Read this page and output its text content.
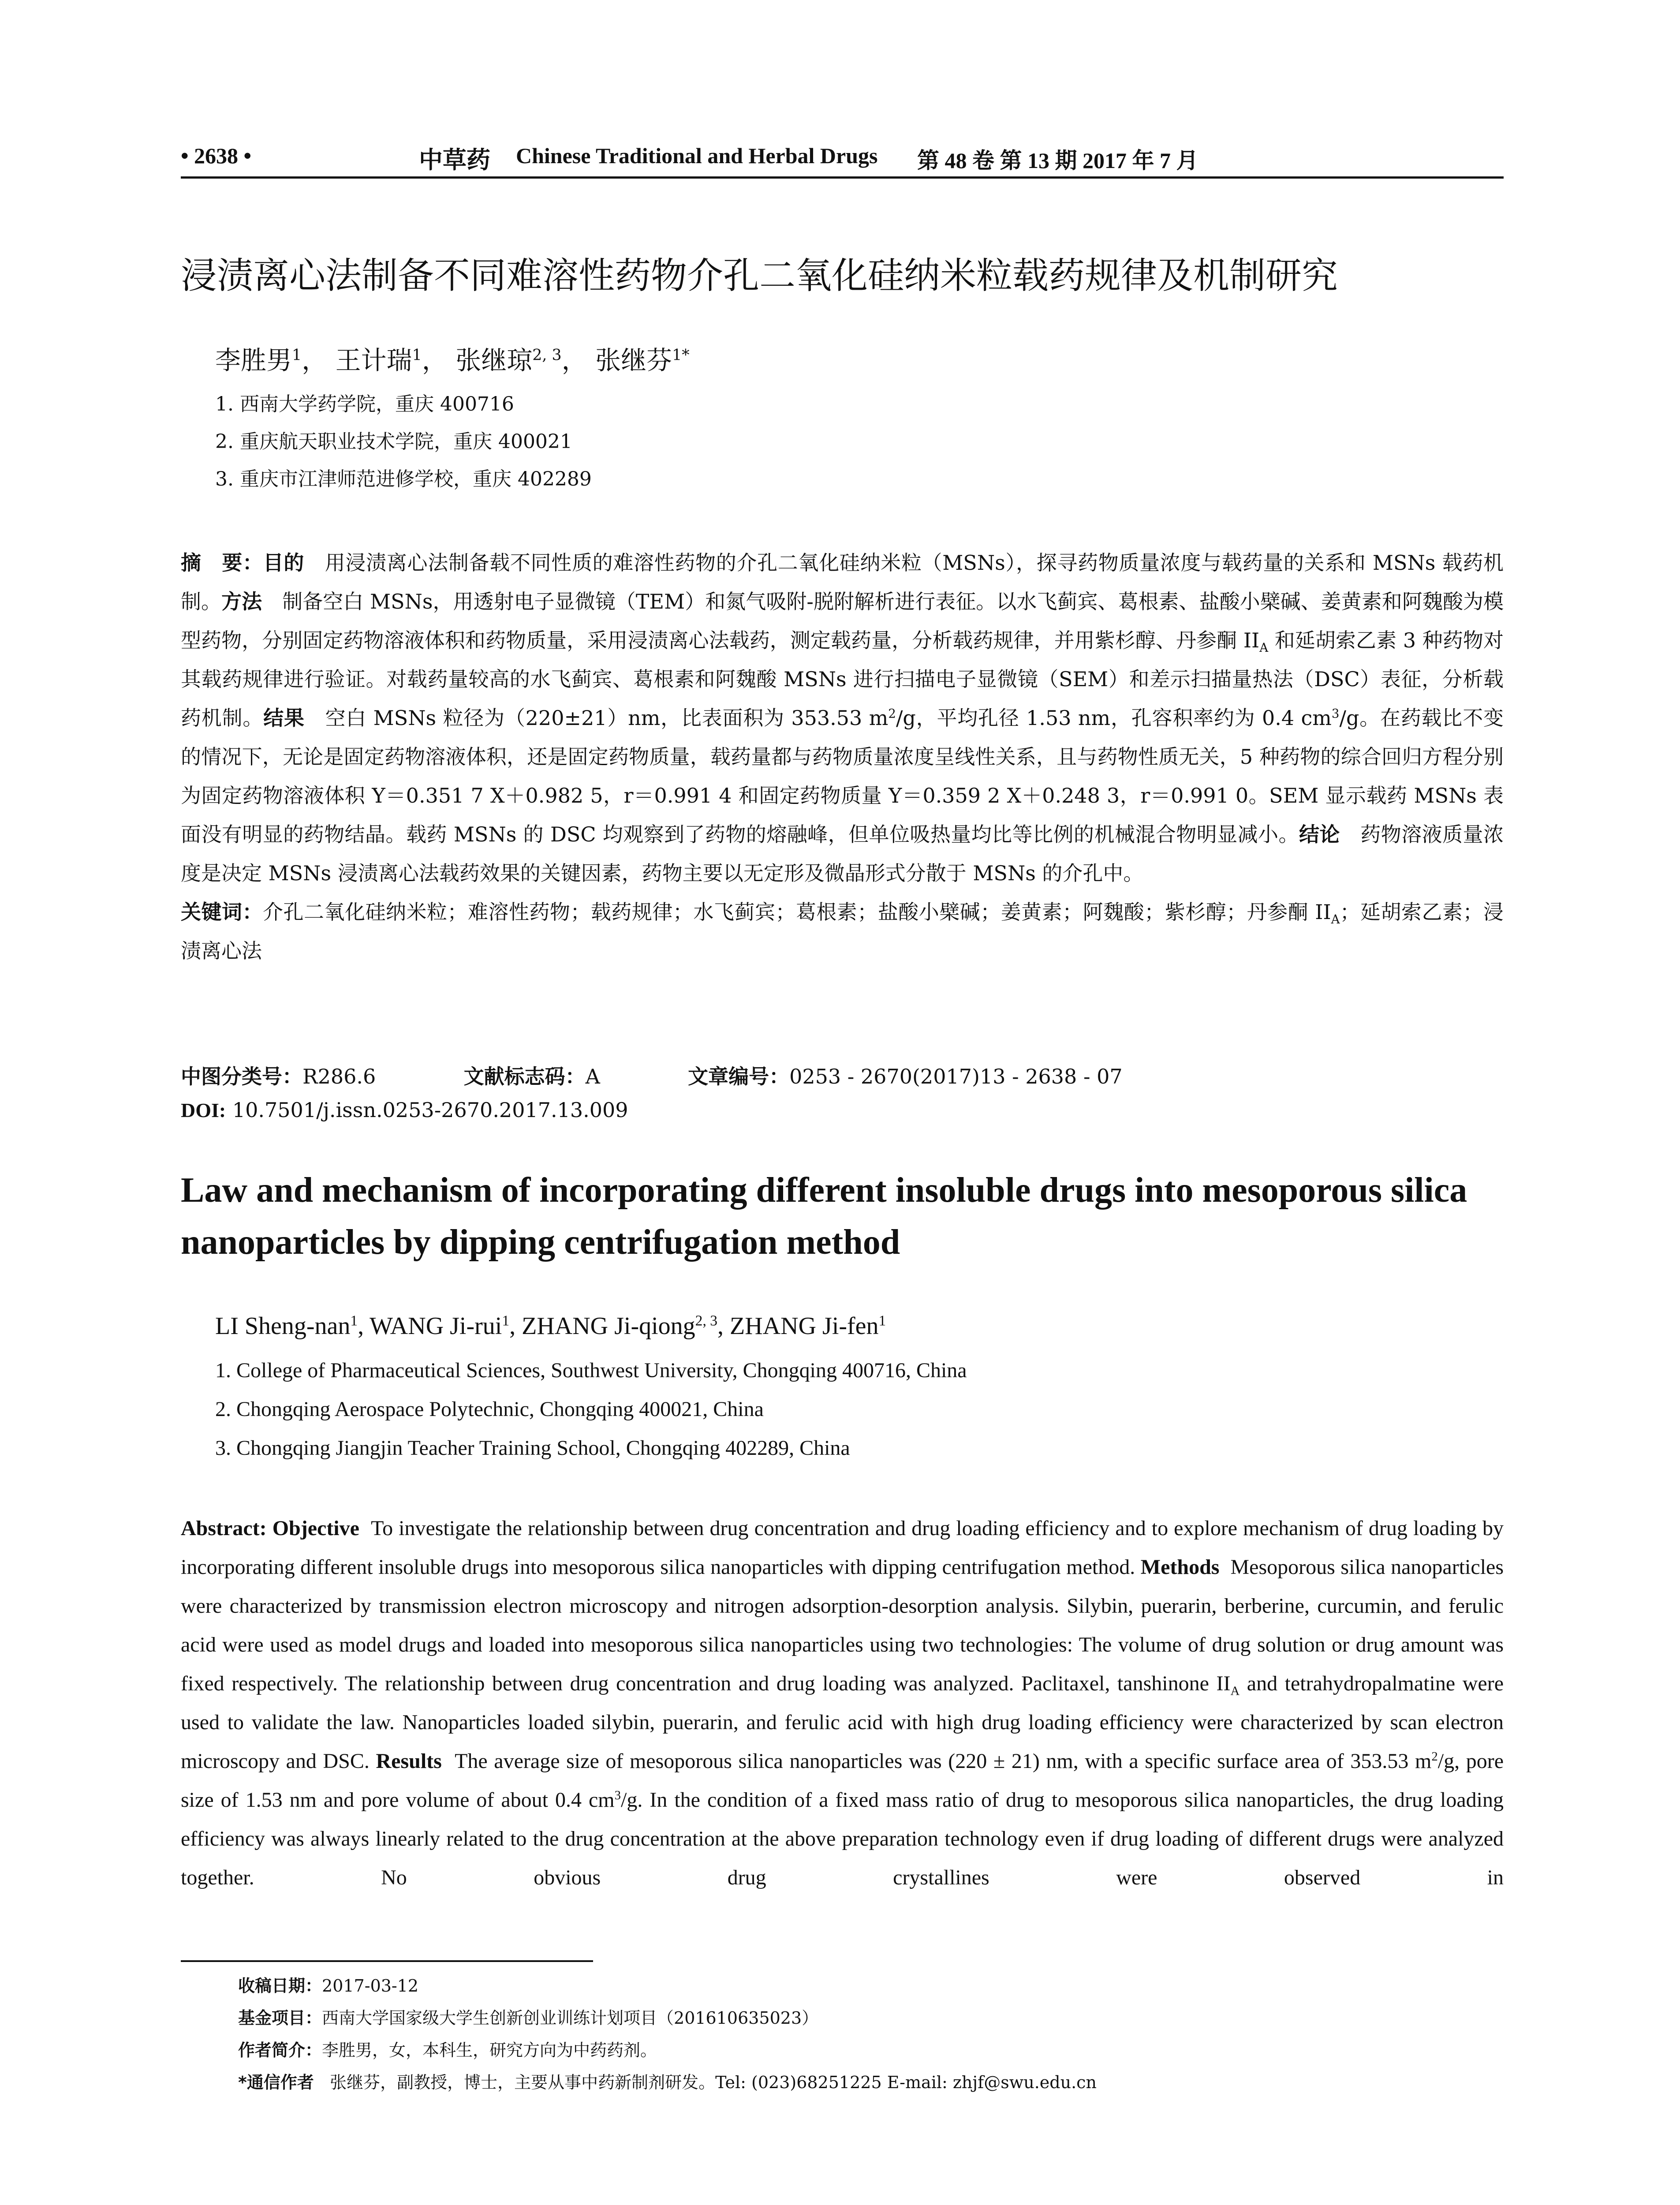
• 2638 •	中草药 Chinese Traditional and Herbal Drugs 第 48 卷 第 13 期 2017 年 7 月
浸渍离心法制备不同难溶性药物介孔二氧化硅纳米粒载药规律及机制研究
李胜男$^1$， 王计瑞$^1$， 张继琼$^{2, 3}$， 张继芬$^{1*}$
1. 西南大学药学院，重庆 400716
2. 重庆航天职业技术学院，重庆 400021
3. 重庆市江津师范进修学校，重庆 402289
摘　要：目的　 用浸渍离心法制备载不同性质的难溶性药物的介孔二氧化硅纳米粒（MSNs），探寻药物质量浓度与载药量的关系和 MSNs 载药机制。方法　 制备空白 MSNs，用透射电子显微镜（TEM）和氮气吸附-脱附解析进行表征。以水飞蓟宾、葛根素、盐酸小檗碱、姜黄素和阿魏酸为模型药物，分别固定药物溶液体积和药物质量，采用浸渍离心法载药，测定载药量，分析载药规律，并用紫杉醇、丹参酮 $II_A$ 和延胡索乙素 3 种药物对其载药规律进行验证。对载药量较高的水飞蓟宾、葛根素和阿魏酸 MSNs 进行扫描电子显微镜（SEM）和差示扫描量热法（DSC）表征，分析载药机制。结果　 空白 MSNs 粒径为（220±21）nm，比表面积为 353.53 $m^2/g$，平均孔径 1.53 nm，孔容积率约为 0.4 $cm^3/g$。在药载比不变的情况下，无论是固定药物溶液体积，还是固定药物质量，载药量都与药物质量浓度呈线性关系，且与药物性质无关，5 种药物的综合回归方程分别为固定药物溶液体积 Y＝0.351 7 X＋0.982 5，r＝0.991 4 和固定药物质量 Y＝0.359 2 X＋0.248 3，r＝0.991 0。SEM 显示载药 MSNs 表面没有明显的药物结晶。载药 MSNs 的 DSC 均观察到了药物的熔融峰，但单位吸热量均比等比例的机械混合物明显减小。结论　 药物溶液质量浓度是决定 MSNs 浸渍离心法载药效果的关键因素，药物主要以无定形及微晶形式分散于 MSNs 的介孔中。
关键词：介孔二氧化硅纳米粒；难溶性药物；载药规律；水飞蓟宾；葛根素；盐酸小檗碱；姜黄素；阿魏酸；紫杉醇；丹参酮 $II_A$；延胡索乙素；浸渍离心法
中图分类号：R286.6	文献标志码：A	文章编号：0253 - 2670(2017)13 - 2638 - 07
DOI: 10.7501/j.issn.0253-2670.2017.13.009
Law and mechanism of incorporating different insoluble drugs into mesoporous silica nanoparticles by dipping centrifugation method
LI Sheng-nan$^1$, WANG Ji-rui$^1$, ZHANG Ji-qiong$^{2, 3}$, ZHANG Ji-fen$^1$
1. College of Pharmaceutical Sciences, Southwest University, Chongqing 400716, China
2. Chongqing Aerospace Polytechnic, Chongqing 400021, China
3. Chongqing Jiangjin Teacher Training School, Chongqing 402289, China
Abstract: Objective To investigate the relationship between drug concentration and drug loading efficiency and to explore mechanism of drug loading by incorporating different insoluble drugs into mesoporous silica nanoparticles with dipping centrifugation method. Methods Mesoporous silica nanoparticles were characterized by transmission electron microscopy and nitrogen adsorption-desorption analysis. Silybin, puerarin, berberine, curcumin, and ferulic acid were used as model drugs and loaded into mesoporous silica nanoparticles using two technologies: The volume of drug solution or drug amount was fixed respectively. The relationship between drug concentration and drug loading was analyzed. Paclitaxel, tanshinone $II_A$ and tetrahydropalmatine were used to validate the law. Nanoparticles loaded silybin, puerarin, and ferulic acid with high drug loading efficiency were characterized by scan electron microscopy and DSC. Results The average size of mesoporous silica nanoparticles was (220 ± 21) nm, with a specific surface area of 353.53 $m^2/g$, pore size of 1.53 nm and pore volume of about 0.4 $cm^3/g$. In the condition of a fixed mass ratio of drug to mesoporous silica nanoparticles, the drug loading efficiency was always linearly related to the drug concentration at the above preparation technology even if drug loading of different drugs were analyzed together. No obvious drug crystallines were observed in
收稿日期：2017-03-12
基金项目：西南大学国家级大学生创新创业训练计划项目（201610635023）
作者简介：李胜男，女，本科生，研究方向为中药药剂。
*通信作者 张继芬，副教授，博士，主要从事中药新制剂研发。Tel: (023)68251225 E-mail: zhjf@swu.edu.cn
